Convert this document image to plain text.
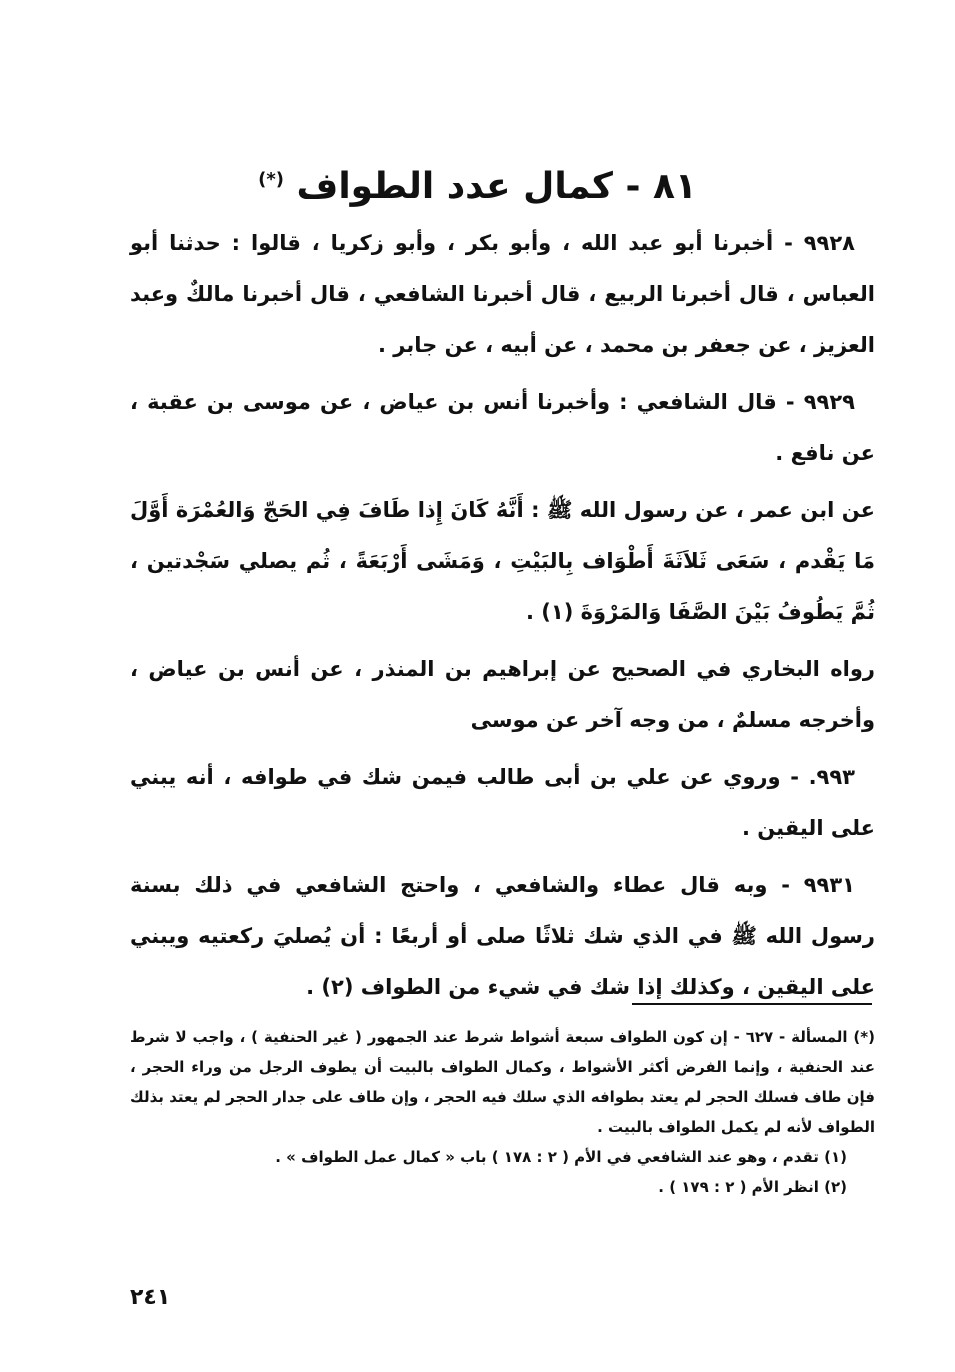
٨١ - كمال عدد الطواف (*)

٩٩٢٨ - أخبرنا أبو عبد الله ، وأبو بكر ، وأبو زكريا ، قالوا : حدثنا أبو العباس ، قال أخبرنا الربيع ، قال أخبرنا الشافعي ، قال أخبرنا مالكٌ وعبد العزيز ، عن جعفر بن محمد ، عن أبيه ، عن جابر .

٩٩٢٩ - قال الشافعي : وأخبرنا أنس بن عياض ، عن موسى بن عقبة ، عن نافع .

عن ابن عمر ، عن رسول الله ﷺ : أَنَّهُ كَانَ إِذا طَافَ فِي الحَجّ وَالعُمْرَة أَوَّلَ مَا يَقْدم ، سَعَى ثَلاَثَةَ أَطْوَاف بِالبَيْتِ ، وَمَشَى أَرْبَعَةً ، ثُم يصلي سَجْدتين ، ثُمَّ يَطُوفُ بَيْنَ الصَّفَا وَالمَرْوَةَ (١) .

رواه البخاري في الصحيح عن إبراهيم بن المنذر ، عن أنس بن عياض ، وأخرجه مسلمٌ ، من وجه آخر عن موسى

٩٩٣. - وروي عن علي بن أبى طالب فيمن شك في طوافه ، أنه يبني على اليقين .

٩٩٣١ - وبه قال عطاء والشافعي ، واحتج الشافعي في ذلك بسنة رسول الله ﷺ في الذي شك ثلاثًا صلى أو أربعًا : أن يُصليَ ركعتيه ويبني على اليقين ، وكذلك إذا شك في شيء من الطواف (٢) .

(*) المسألة - ٦٢٧ - إن كون الطواف سبعة أشواط شرط عند الجمهور ( غير الحنفية ) ، واجب لا شرط عند الحنفية ، وإنما الفرض أكثر الأشواط ، وكمال الطواف بالبيت أن يطوف الرجل من وراء الحجر ، فإن طاف فسلك الحجر لم يعتد بطوافه الذي سلك فيه الحجر ، وإن طاف على جدار الحجر لم يعتد بذلك الطواف لأنه لم يكمل الطواف بالبيت .

(١) تقدم ، وهو عند الشافعي في الأم ( ٢ : ١٧٨ ) باب « كمال عمل الطواف » .

(٢) انظر الأم ( ٢ : ١٧٩ ) .

٢٤١
